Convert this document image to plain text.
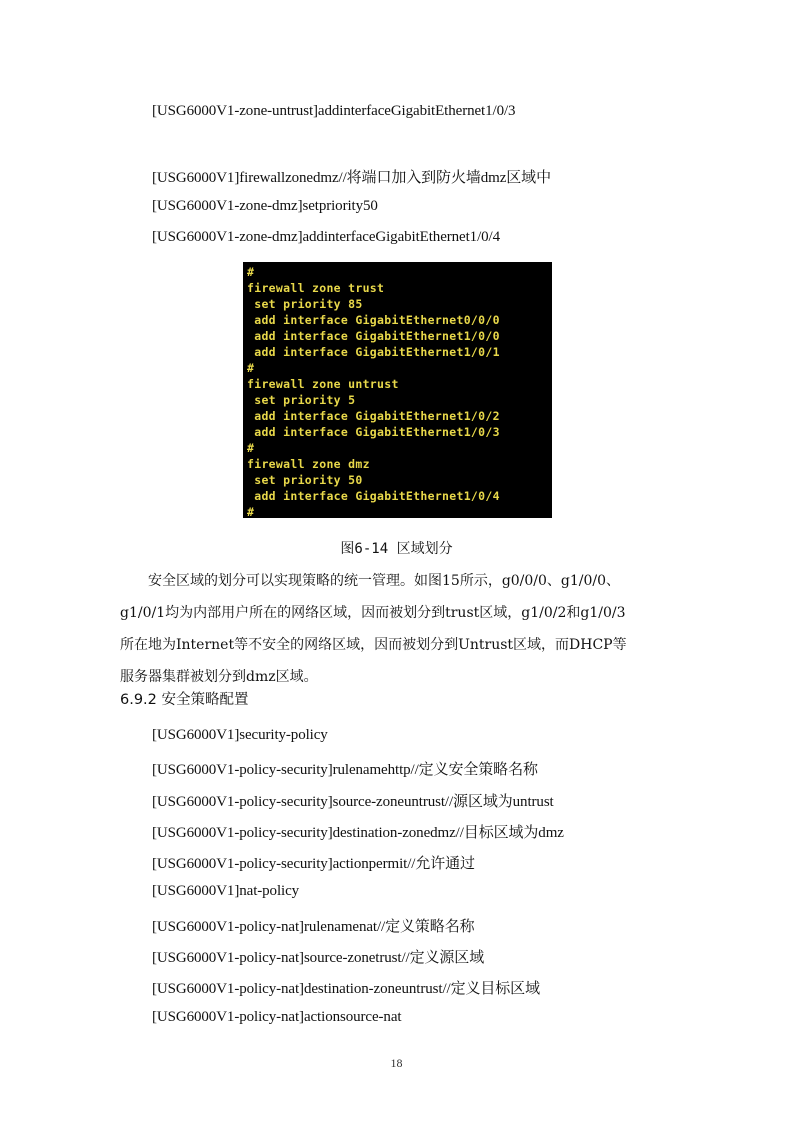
[USG6000V1-zone-untrust]addinterfaceGigabitEthernet1/0/3
[USG6000V1]firewallzonedmz//将端口加入到防火墙dmz区域中
[USG6000V1-zone-dmz]setpriority50
[USG6000V1-zone-dmz]addinterfaceGigabitEthernet1/0/4
#
firewall zone trust
set priority 85
add interface GigabitEthernet0/0/0
add interface GigabitEthernet1/0/0
add interface GigabitEthernet1/0/1
#
firewall zone untrust
set priority 5
add interface GigabitEthernet1/0/2
add interface GigabitEthernet1/0/3
#
firewall zone dmz
set priority 50
add interface GigabitEthernet1/0/4
#
图6-14 区域划分
　　安全区域的划分可以实现策略的统一管理。如图15所示，g0/0/0、g1/0/0、
g1/0/1均为内部用户所在的网络区域，因而被划分到trust区域，g1/0/2和g1/0/3
所在地为Internet等不安全的网络区域，因而被划分到Untrust区域，而DHCP等
服务器集群被划分到dmz区域。
6.9.2 安全策略配置
[USG6000V1]security-policy
[USG6000V1-policy-security]rulenamehttp//定义安全策略名称
[USG6000V1-policy-security]source-zoneuntrust//源区域为untrust
[USG6000V1-policy-security]destination-zonedmz//目标区域为dmz
[USG6000V1-policy-security]actionpermit//允许通过
[USG6000V1]nat-policy
[USG6000V1-policy-nat]rulenamenat//定义策略名称
[USG6000V1-policy-nat]source-zonetrust//定义源区域
[USG6000V1-policy-nat]destination-zoneuntrust//定义目标区域
[USG6000V1-policy-nat]actionsource-nat
18
